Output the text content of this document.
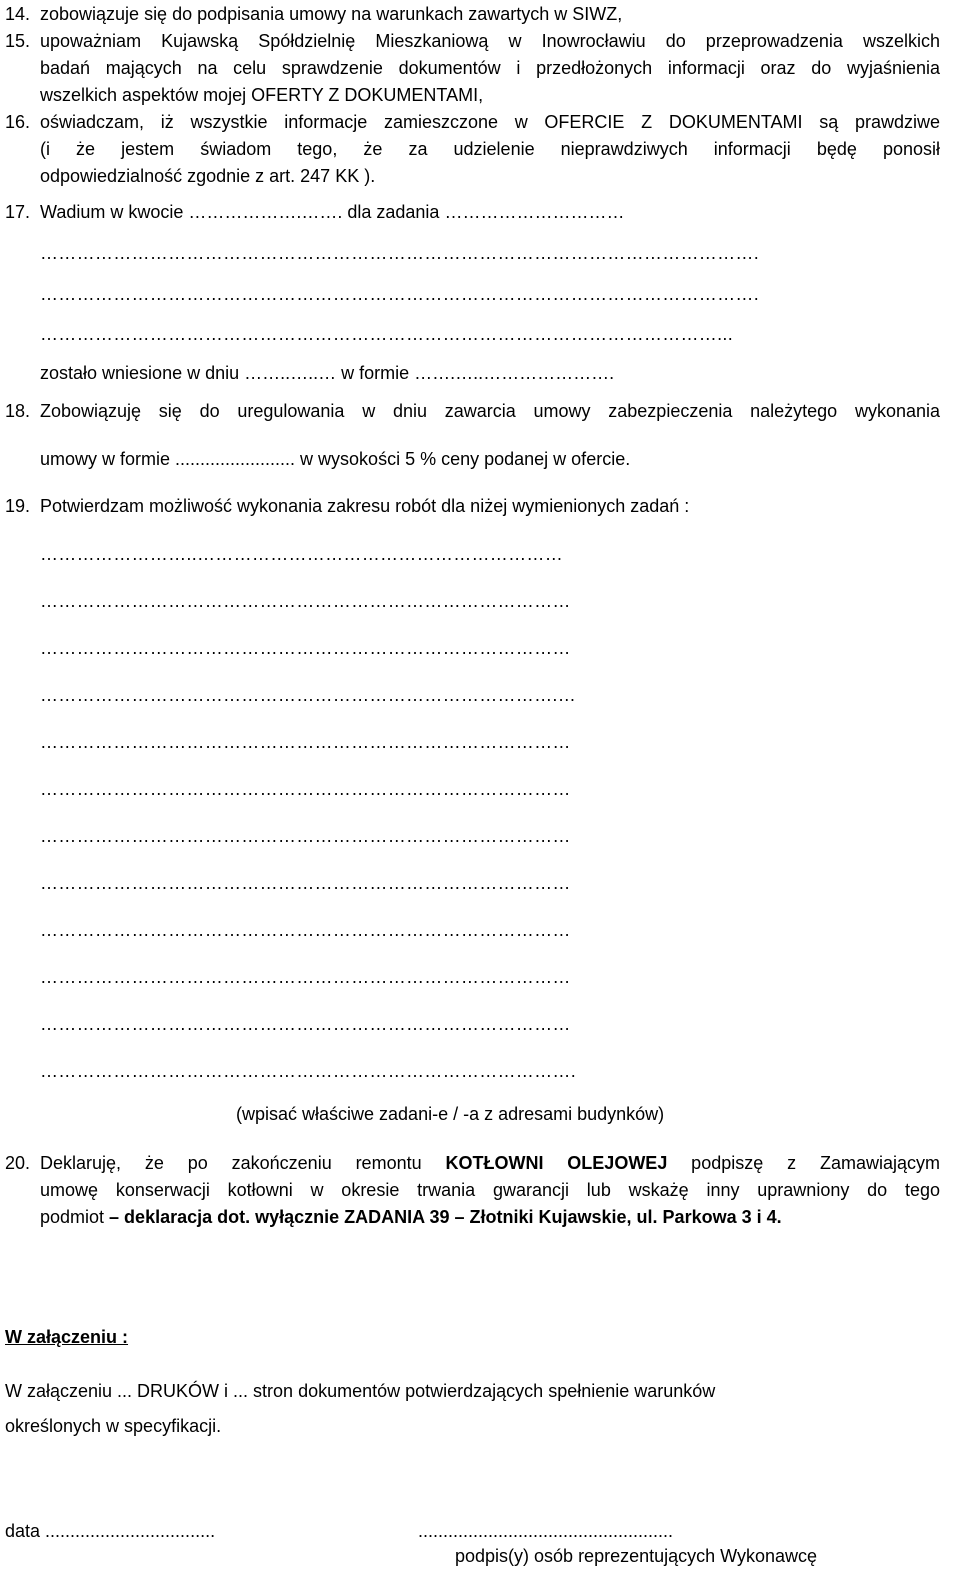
14. zobowiązuje się do podpisania umowy na warunkach zawartych w SIWZ,
15. upoważniam Kujawską Spółdzielnię Mieszkaniową w Inowrocławiu do przeprowadzenia wszelkich
badań mających na celu sprawdzenie dokumentów i przedłożonych informacji oraz do wyjaśnienia
wszelkich aspektów mojej OFERTY Z DOKUMENTAMI,
16. oświadczam, iż wszystkie informacje zamieszczone w OFERCIE Z DOKUMENTAMI są prawdziwe
(i że jestem świadom tego, że za udzielenie nieprawdziwych informacji będę ponosił
odpowiedzialność zgodnie z art. 247 KK ).
17. Wadium w kwocie ……………….……. dla zadania …………………………
……………………………………………………………………………………………………….
……………………………………………………………………………………………………….
…………………………………………………………………………………………………...
zostało wniesione w dniu ……..…..… w formie …….…..………………….
18. Zobowiązuję się do uregulowania w dniu zawarcia umowy zabezpieczenia należytego wykonania
umowy w formie ........................ w wysokości 5 % ceny podanej w ofercie.
19. Potwierdzam możliwość wykonania zakresu robót dla niżej wymienionych zadań :
……………………..……………………………………………………
……………………………………………………………………………
……………………………………………………………………………
………………………………………………………………………….…
……………………………………………………………………………
……………………………………………………………………………
……………………………………………………………………………
……………………………………………………………………………
……………………………………………………………………………
……………………………………………………………………………
……………………………………………………………………………
…………………………………………………………………………….
(wpisać właściwe zadani-e / -a z adresami budynków)
20. Deklaruję, że po zakończeniu remontu KOTŁOWNI OLEJOWEJ podpiszę z Zamawiającym
umowę konserwacji kotłowni w okresie trwania gwarancji lub wskażę inny uprawniony do tego
podmiot – deklaracja dot. wyłącznie ZADANIA 39 – Złotniki Kujawskie, ul. Parkowa 3 i 4.
W załączeniu :
W załączeniu ... DRUKÓW i ... stron dokumentów potwierdzających spełnienie warunków
określonych w specyfikacji.
data ..................................	...................................................
podpis(y) osób reprezentujących Wykonawcę
